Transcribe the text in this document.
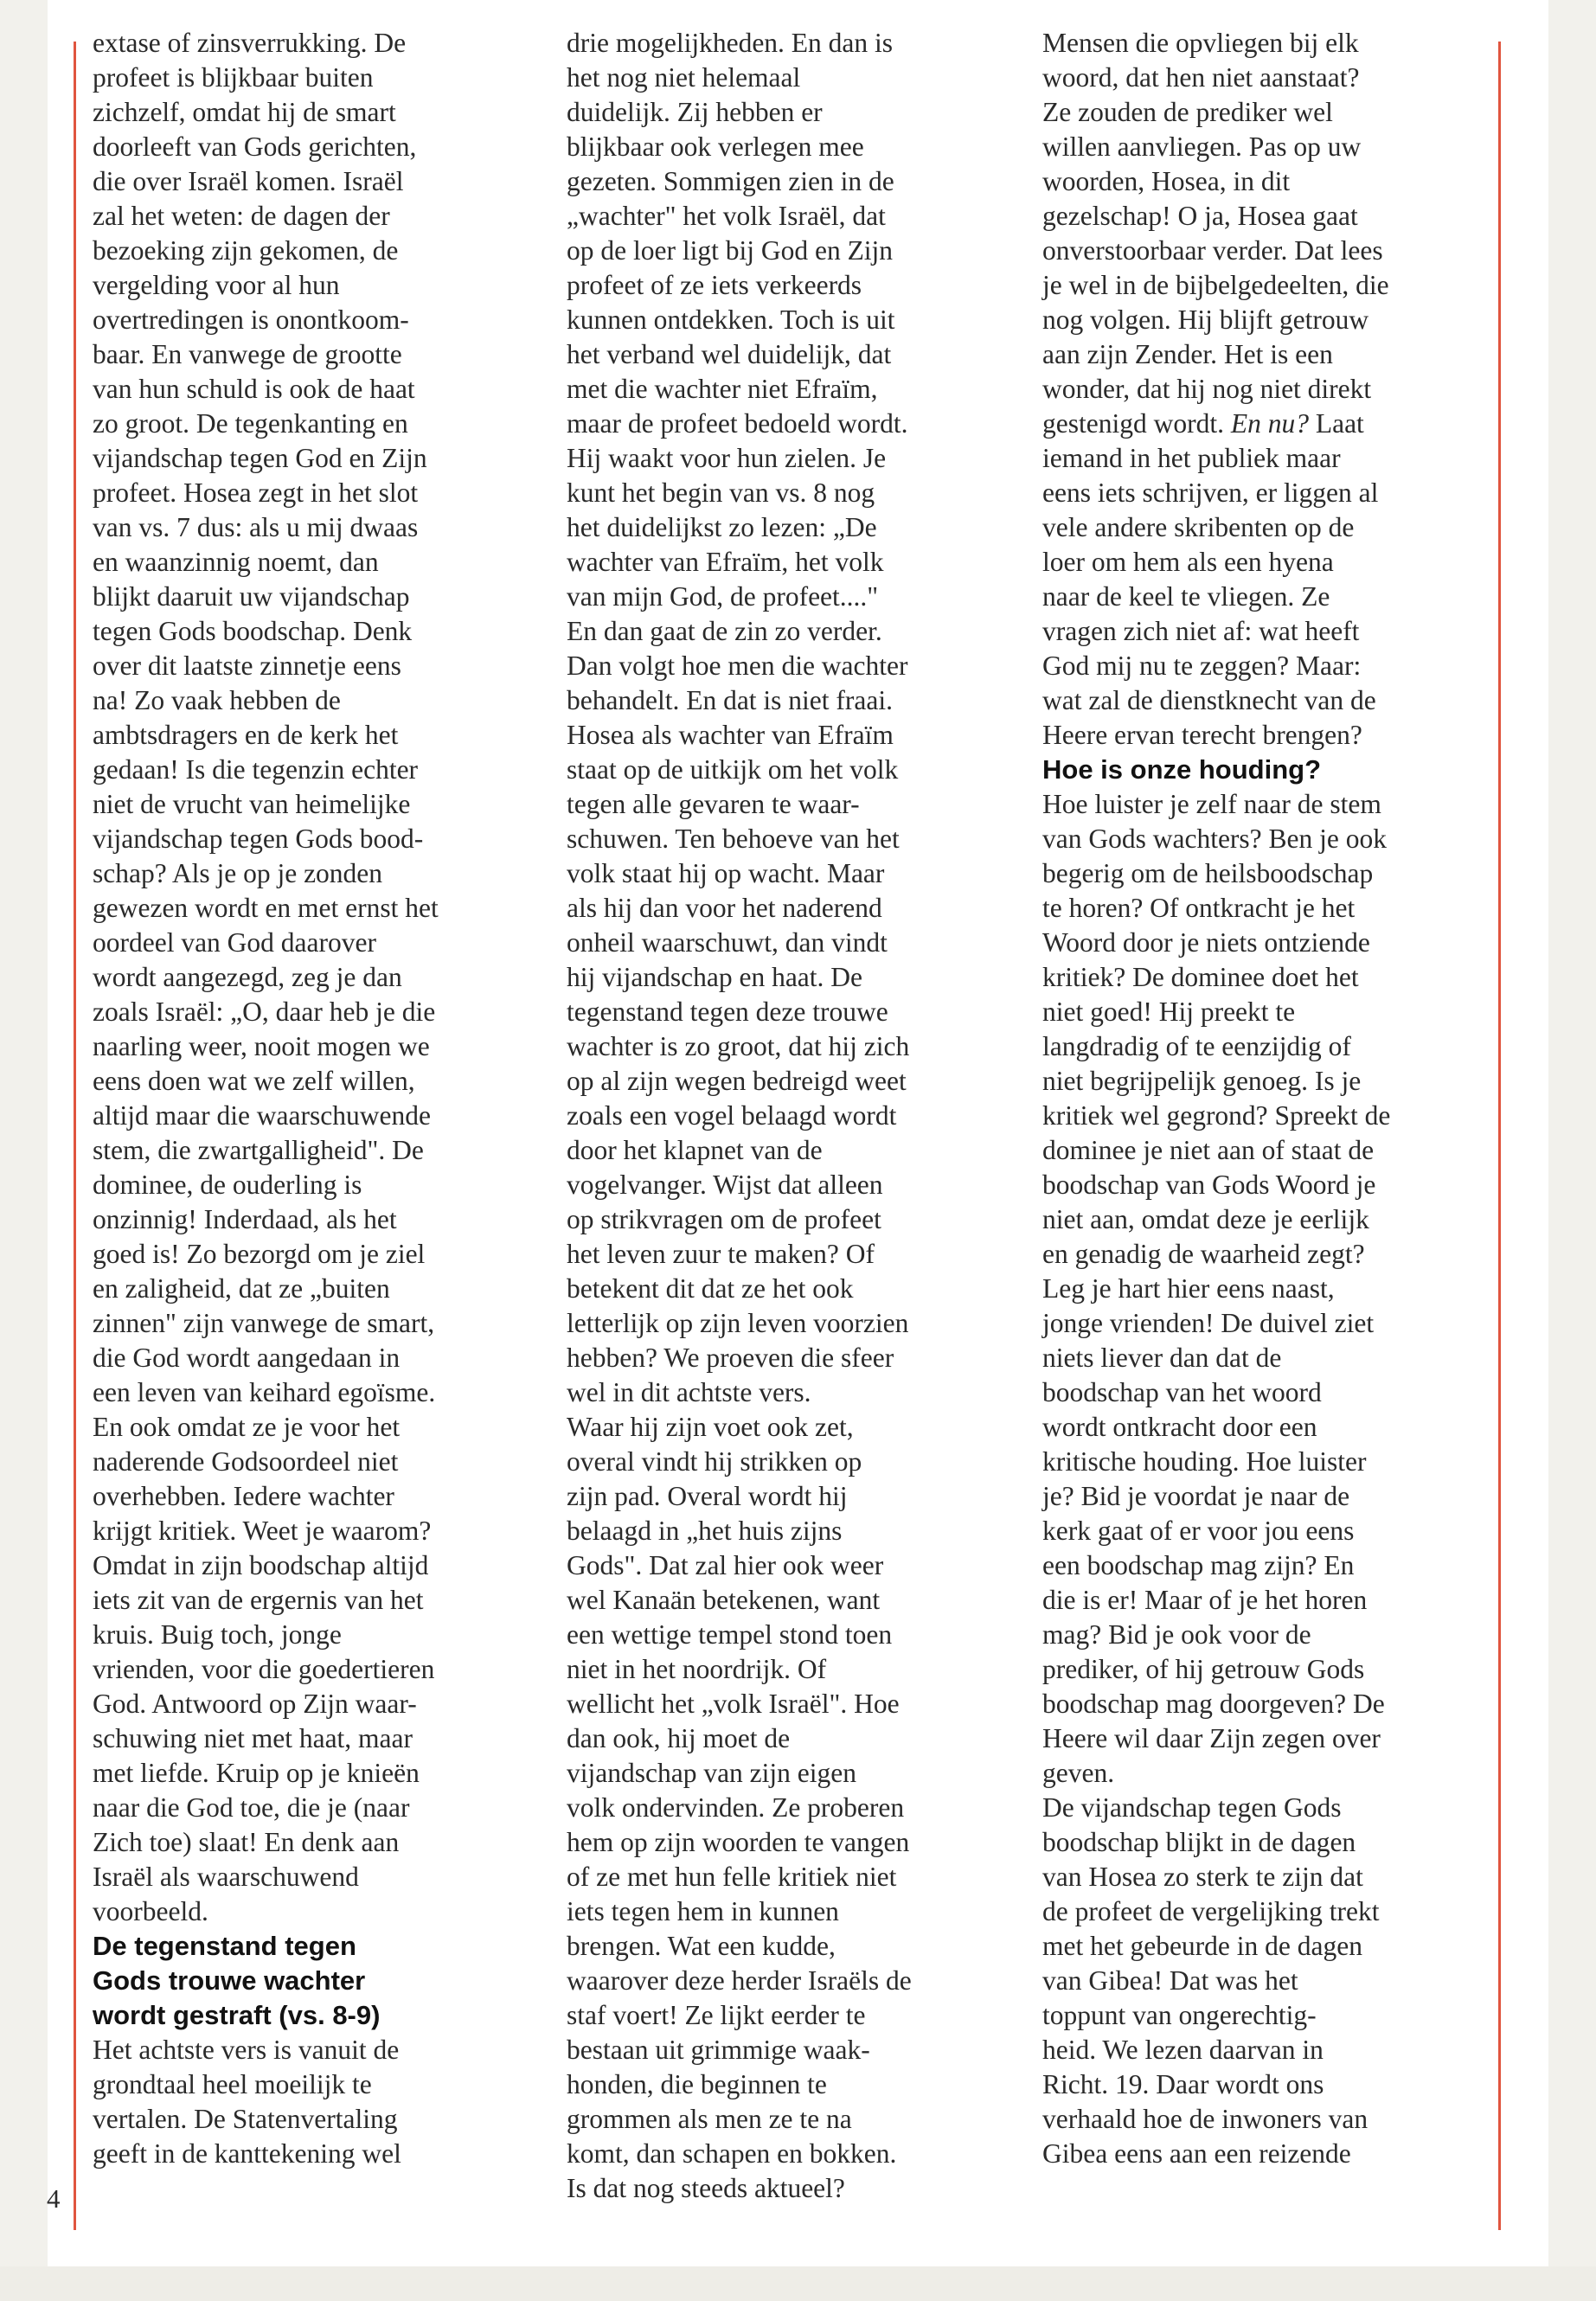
extase of zinsverrukking. De
profeet is blijkbaar buiten
zichzelf, omdat hij de smart
doorleeft van Gods gerichten,
die over Israël komen. Israël
zal het weten: de dagen der
bezoeking zijn gekomen, de
vergelding voor al hun
overtredingen is onontkoom-
baar. En vanwege de grootte
van hun schuld is ook de haat
zo groot. De tegenkanting en
vijandschap tegen God en Zijn
profeet. Hosea zegt in het slot
van vs. 7 dus: als u mij dwaas
en waanzinnig noemt, dan
blijkt daaruit uw vijandschap
tegen Gods boodschap. Denk
over dit laatste zinnetje eens
na! Zo vaak hebben de
ambtsdragers en de kerk het
gedaan! Is die tegenzin echter
niet de vrucht van heimelijke
vijandschap tegen Gods bood-
schap? Als je op je zonden
gewezen wordt en met ernst het
oordeel van God daarover
wordt aangezegd, zeg je dan
zoals Israël: „O, daar heb je die
naarling weer, nooit mogen we
eens doen wat we zelf willen,
altijd maar die waarschuwende
stem, die zwartgalligheid". De
dominee, de ouderling is
onzinnig! Inderdaad, als het
goed is! Zo bezorgd om je ziel
en zaligheid, dat ze „buiten
zinnen" zijn vanwege de smart,
die God wordt aangedaan in
een leven van keihard egoïsme.
En ook omdat ze je voor het
naderende Godsoordeel niet
overhebben. Iedere wachter
krijgt kritiek. Weet je waarom?
Omdat in zijn boodschap altijd
iets zit van de ergernis van het
kruis. Buig toch, jonge
vrienden, voor die goedertieren
God. Antwoord op Zijn waar-
schuwing niet met haat, maar
met liefde. Kruip op je knieën
naar die God toe, die je (naar
Zich toe) slaat! En denk aan
Israël als waarschuwend
voorbeeld.
De tegenstand tegen
Gods trouwe wachter
wordt gestraft (vs. 8-9)
Het achtste vers is vanuit de
grondtaal heel moeilijk te
vertalen. De Statenvertaling
geeft in de kanttekening wel
drie mogelijkheden. En dan is
het nog niet helemaal
duidelijk. Zij hebben er
blijkbaar ook verlegen mee
gezeten. Sommigen zien in de
„wachter" het volk Israël, dat
op de loer ligt bij God en Zijn
profeet of ze iets verkeerds
kunnen ontdekken. Toch is uit
het verband wel duidelijk, dat
met die wachter niet Efraïm,
maar de profeet bedoeld wordt.
Hij waakt voor hun zielen. Je
kunt het begin van vs. 8 nog
het duidelijkst zo lezen: „De
wachter van Efraïm, het volk
van mijn God, de profeet...."
En dan gaat de zin zo verder.
Dan volgt hoe men die wachter
behandelt. En dat is niet fraai.
Hosea als wachter van Efraïm
staat op de uitkijk om het volk
tegen alle gevaren te waar-
schuwen. Ten behoeve van het
volk staat hij op wacht. Maar
als hij dan voor het naderend
onheil waarschuwt, dan vindt
hij vijandschap en haat. De
tegenstand tegen deze trouwe
wachter is zo groot, dat hij zich
op al zijn wegen bedreigd weet
zoals een vogel belaagd wordt
door het klapnet van de
vogelvanger. Wijst dat alleen
op strikvragen om de profeet
het leven zuur te maken? Of
betekent dit dat ze het ook
letterlijk op zijn leven voorzien
hebben? We proeven die sfeer
wel in dit achtste vers.
Waar hij zijn voet ook zet,
overal vindt hij strikken op
zijn pad. Overal wordt hij
belaagd in „het huis zijns
Gods". Dat zal hier ook weer
wel Kanaän betekenen, want
een wettige tempel stond toen
niet in het noordrijk. Of
wellicht het „volk Israël". Hoe
dan ook, hij moet de
vijandschap van zijn eigen
volk ondervinden. Ze proberen
hem op zijn woorden te vangen
of ze met hun felle kritiek niet
iets tegen hem in kunnen
brengen. Wat een kudde,
waarover deze herder Israëls de
staf voert! Ze lijkt eerder te
bestaan uit grimmige waak-
honden, die beginnen te
grommen als men ze te na
komt, dan schapen en bokken.
Is dat nog steeds aktueel?
Mensen die opvliegen bij elk
woord, dat hen niet aanstaat?
Ze zouden de prediker wel
willen aanvliegen. Pas op uw
woorden, Hosea, in dit
gezelschap! O ja, Hosea gaat
onverstoorbaar verder. Dat lees
je wel in de bijbelgedeelten, die
nog volgen. Hij blijft getrouw
aan zijn Zender. Het is een
wonder, dat hij nog niet direkt
gestenigd wordt. En nu? Laat
iemand in het publiek maar
eens iets schrijven, er liggen al
vele andere skribenten op de
loer om hem als een hyena
naar de keel te vliegen. Ze
vragen zich niet af: wat heeft
God mij nu te zeggen? Maar:
wat zal de dienstknecht van de
Heere ervan terecht brengen?
Hoe is onze houding?
Hoe luister je zelf naar de stem
van Gods wachters? Ben je ook
begerig om de heilsboodschap
te horen? Of ontkracht je het
Woord door je niets ontziende
kritiek? De dominee doet het
niet goed! Hij preekt te
langdradig of te eenzijdig of
niet begrijpelijk genoeg. Is je
kritiek wel gegrond? Spreekt de
dominee je niet aan of staat de
boodschap van Gods Woord je
niet aan, omdat deze je eerlijk
en genadig de waarheid zegt?
Leg je hart hier eens naast,
jonge vrienden! De duivel ziet
niets liever dan dat de
boodschap van het woord
wordt ontkracht door een
kritische houding. Hoe luister
je? Bid je voordat je naar de
kerk gaat of er voor jou eens
een boodschap mag zijn? En
die is er! Maar of je het horen
mag? Bid je ook voor de
prediker, of hij getrouw Gods
boodschap mag doorgeven? De
Heere wil daar Zijn zegen over
geven.
De vijandschap tegen Gods
boodschap blijkt in de dagen
van Hosea zo sterk te zijn dat
de profeet de vergelijking trekt
met het gebeurde in de dagen
van Gibea! Dat was het
toppunt van ongerechtig-
heid. We lezen daarvan in
Richt. 19. Daar wordt ons
verhaald hoe de inwoners van
Gibea eens aan een reizende
4
